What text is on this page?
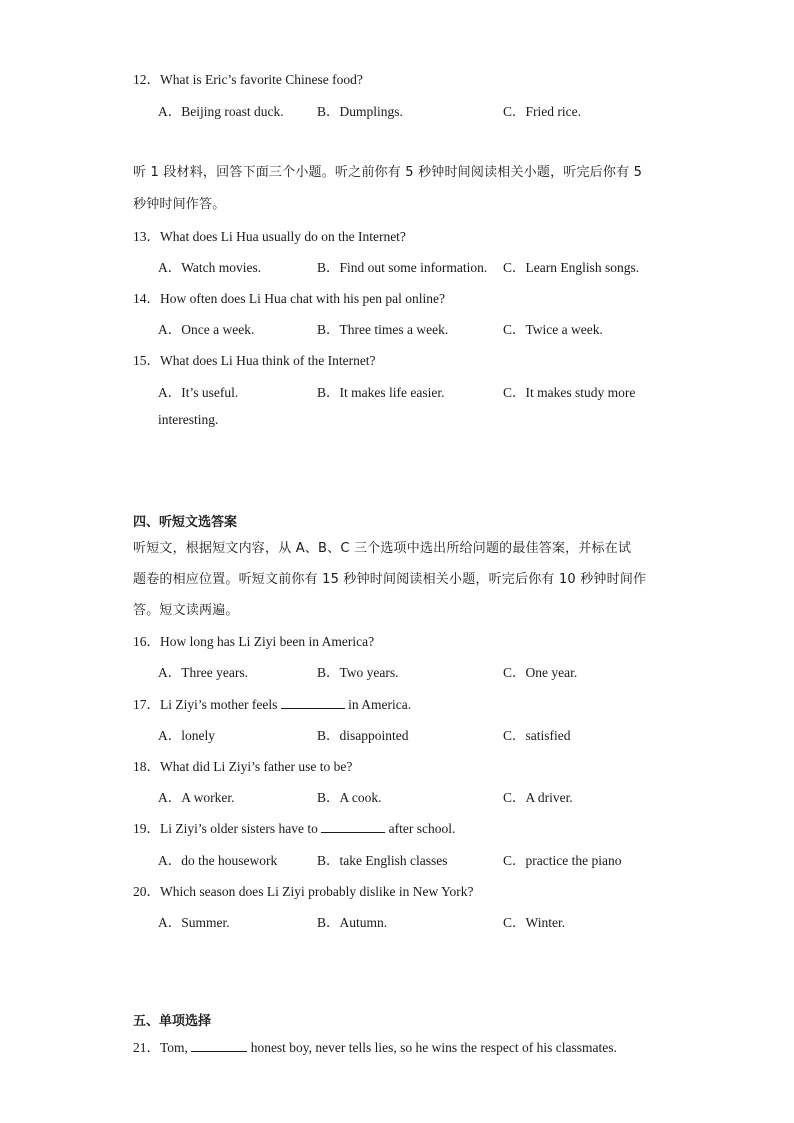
12．What is Eric’s favorite Chinese food?
A．Beijing roast duck. B．Dumplings.	C．Fried rice.
听 1 段材料，回答下面三个小题。听之前你有 5 秒钟时间阅读相关小题，听完后你有 5
秒钟时间作答。
13．What does Li Hua usually do on the Internet?
A．Watch movies.	B．Find out some information. C．Learn English songs.
14．How often does Li Hua chat with his pen pal online?
A．Once a week.	B．Three times a week.	C．Twice a week.
15．What does Li Hua think of the Internet?
A．It’s useful.	B．It makes life easier.	C．It makes study more
interesting.
四、听短文选答案
听短文，根据短文内容，从 A、B、C 三个选项中选出所给问题的最佳答案，并标在试
题卷的相应位置。听短文前你有 15 秒钟时间阅读相关小题，听完后你有 10 秒钟时间作
答。短文读两遍。
16．How long has Li Ziyi been in America?
A．Three years.	B．Two years.	C．One year.
17．Li Ziyi’s mother feels	in America.
A．lonely	B．disappointed	C．satisfied
18．What did Li Ziyi’s father use to be?
A．A worker.	B．A cook.	C．A driver.
19．Li Ziyi’s older sisters have to	after school.
A．do the housework	B．take English classes	C．practice the piano
20．Which season does Li Ziyi probably dislike in New York?
A．Summer.	B．Autumn.	C．Winter.
五、单项选择
21．Tom,	honest boy, never tells lies, so he wins the respect of his classmates.
